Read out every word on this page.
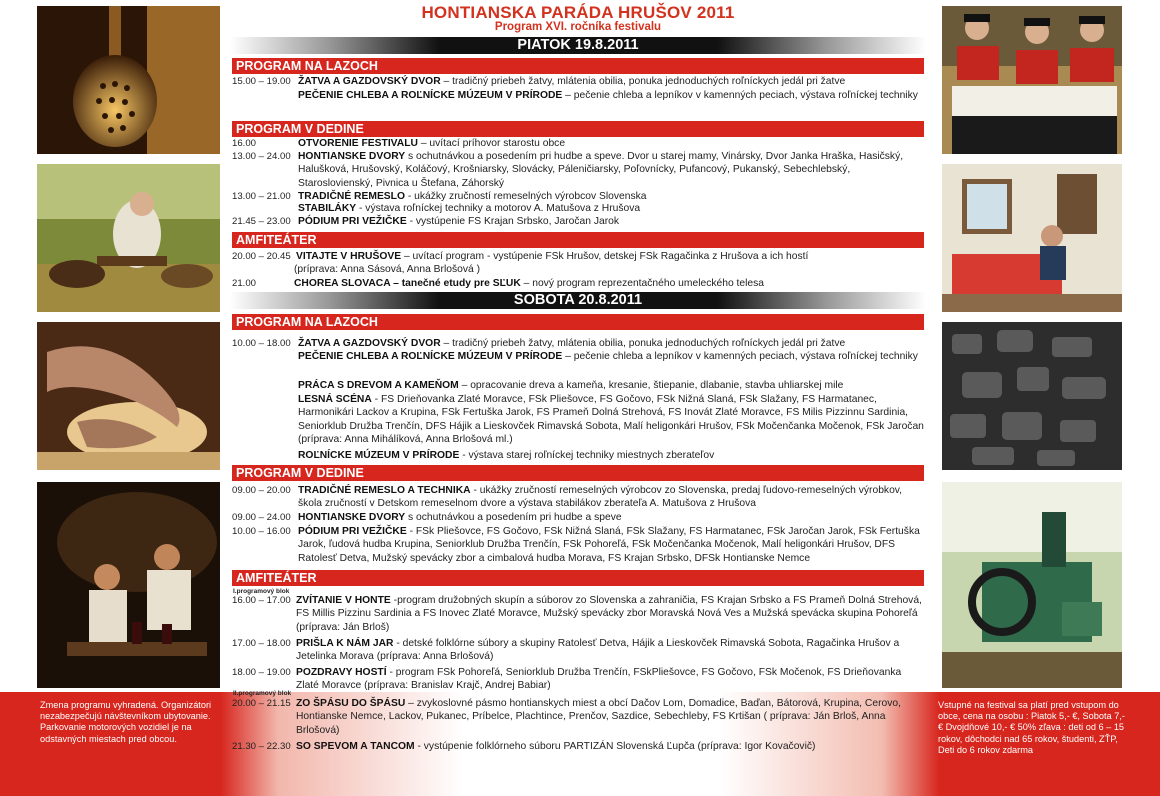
Zmena programu vyhradená. Organizátori nezabezpečujú návštevníkom ubytovanie. Parkovanie motorových vozidiel je na odstavných miestach pred obcou.
Vstupné na festival sa platí pred vstupom do obce, cena na osobu : Piatok 5,- €, Sobota 7,- € Dvojdňové 10,- € 50% zľava : deti od 6 – 15 rokov, dôchodci nad 65 rokov, študenti, ZŤP, Deti do 6 rokov zdarma
HONTIANSKA PARÁDA HRUŠOV 2011
Program XVI. ročníka festivalu
PIATOK 19.8.2011
PROGRAM NA LAZOCH
15.00 – 19.00 ŽATVA A GAZDOVSKÝ DVOR – tradičný priebeh žatvy, mlátenia obilia, ponuka jednoduchých roľníckych jedál pri žatve
PEČENIE CHLEBA A ROĽNÍCKE MÚZEUM V PRÍRODE – pečenie chleba a lepníkov v kamenných peciach, výstava roľníckej techniky
PROGRAM V DEDINE
16.00	OTVORENIE FESTIVALU – uvítací príhovor starostu obce
13.00 – 24.00 HONTIANSKE DVORY s ochutnávkou a posedením pri hudbe a speve. Dvor u starej mamy, Vinársky, Dvor Janka Hraška, Hasičský, Halušková, Hrušovský, Koláčový, Krošniarsky, Slovácky, Páleničiarsky, Poľovnícky, Pufancový, Pukanský, Sebechlebský, Staroslovienský, Pivnica u Štefana, Záhorský
13.00 – 21.00 TRADIČNÉ REMESLO - ukážky zručností remeselných výrobcov Slovenska
STABILÁKY - výstava roľníckej techniky a motorov A. Matušova z Hrušova
21.45 – 23.00 PÓDIUM PRI VEŽIČKE - vystúpenie FS Krajan Srbsko, Jaročan Jarok
AMFITEÁTER
20.00 – 20.45 VITAJTE V HRUŠOVE – uvítací program - vystúpenie FSk Hrušov, detskej FSk Ragačinka z Hrušova a ich hostí
(príprava: Anna Sásová, Anna Brlošová )
21.00	CHOREA SLOVACA – tanečné etudy pre SĽUK – nový program reprezentačného umeleckého telesa
SOBOTA 20.8.2011
PROGRAM NA LAZOCH
10.00 – 18.00 ŽATVA A GAZDOVSKÝ DVOR – tradičný priebeh žatvy, mlátenia obilia, ponuka jednoduchých roľníckych jedál pri žatve
PEČENIE CHLEBA A ROĽNÍCKE MÚZEUM V PRÍRODE – pečenie chleba a lepníkov v kamenných peciach, výstava roľníckej techniky
PRÁCA S DREVOM A KAMEŇOM – opracovanie dreva a kameňa, kresanie, štiepanie, dlabanie, stavba uhliarskej mile
LESNÁ SCÉNA - FS Drieňovanka Zlaté Moravce, FSk Pliešovce, FS Gočovo, FSk Nižná Slaná, FSk Slažany, FS Harmatanec, Harmonikári Lackov a Krupina, FSk Fertuška Jarok, FS Prameň Dolná Strehová, FS Inovát Zlaté Moravce, FS Milis Pizzinnu Sardinia, Seniorklub Družba Trenčín, DFS Hájik a Lieskovček Rimavská Sobota, Malí heligonkári Hrušov, FSk Močenčanka Močenok, FSk Jaročan (príprava: Anna Mihálíková, Anna Brlošová ml.)
ROĽNÍCKE MÚZEUM V PRÍRODE - výstava starej roľníckej techniky miestnych zberateľov
PROGRAM V DEDINE
09.00 – 20.00 TRADIČNÉ REMESLO A TECHNIKA - ukážky zručností remeselných výrobcov zo Slovenska, predaj ľudovo-remeselných výrobkov, škola zručností v Detskom remeselnom dvore a výstava stabilákov zberateľa A. Matušova z Hrušova
09.00 – 24.00 HONTIANSKE DVORY s ochutnávkou a posedením pri hudbe a speve
10.00 – 16.00 PÓDIUM PRI VEŽIČKE - FSk Pliešovce, FS Gočovo, FSk Nižná Slaná, FSk Slažany, FS Harmatanec, FSk Jaročan Jarok, FSk Fertuška Jarok, ľudová hudba Krupina, Seniorklub Družba Trenčín, FSk Pohoreľá, FSk Močenčanka Močenok, Malí heligonkári Hrušov, DFS Ratolesť Detva, Mužský spevácky zbor a cimbalová hudba Morava, FS Krajan Srbsko, DFSk Hontianske Nemce
AMFITEÁTER
I.programový blok
16.00 – 17.00 ZVÍTANIE V HONTE -program družobných skupín a súborov zo Slovenska a zahraničia, FS Krajan Srbsko a FS Prameň Dolná Strehová, FS Millis Pizzinu Sardinia a FS Inovec Zlaté Moravce, Mužský spevácky zbor Moravská Nová Ves a Mužská spevácka skupina Pohoreľá (príprava: Ján Brloš)
17.00 – 18.00 PRIŠLA K NÁM JAR - detské folklórne súbory a skupiny Ratolesť Detva, Hájik a Lieskovček Rimavská Sobota, Ragačinka Hrušov a Jetelinka Morava (príprava: Anna Brlošová)
18.00 – 19.00 POZDRAVY HOSTÍ - program FSk Pohoreľá, Seniorklub Družba Trenčín, FSkPliešovce, FS Gočovo, FSk Močenok, FS Drieňovanka Zlaté Moravce (príprava: Branislav Krajč, Andrej Babiar)
II.programový blok
20.00 – 21.15 ZO ŠPÁSU DO ŠPÁSU – zvykoslovné pásmo hontianskych miest a obcí Dačov Lom, Domadice, Baďan, Bátorová, Krupina, Cerovo, Hontianske Nemce, Lackov, Pukanec, Príbelce, Plachtince, Prenčov, Sazdice, Sebechleby, FS Krtišan ( príprava: Ján Brloš, Anna Brlošová)
21.30 – 22.30 SO SPEVOM A TANCOM - vystúpenie folklórneho súboru PARTIZÁN Slovenská Ľupča (príprava: Igor Kovačovič)
